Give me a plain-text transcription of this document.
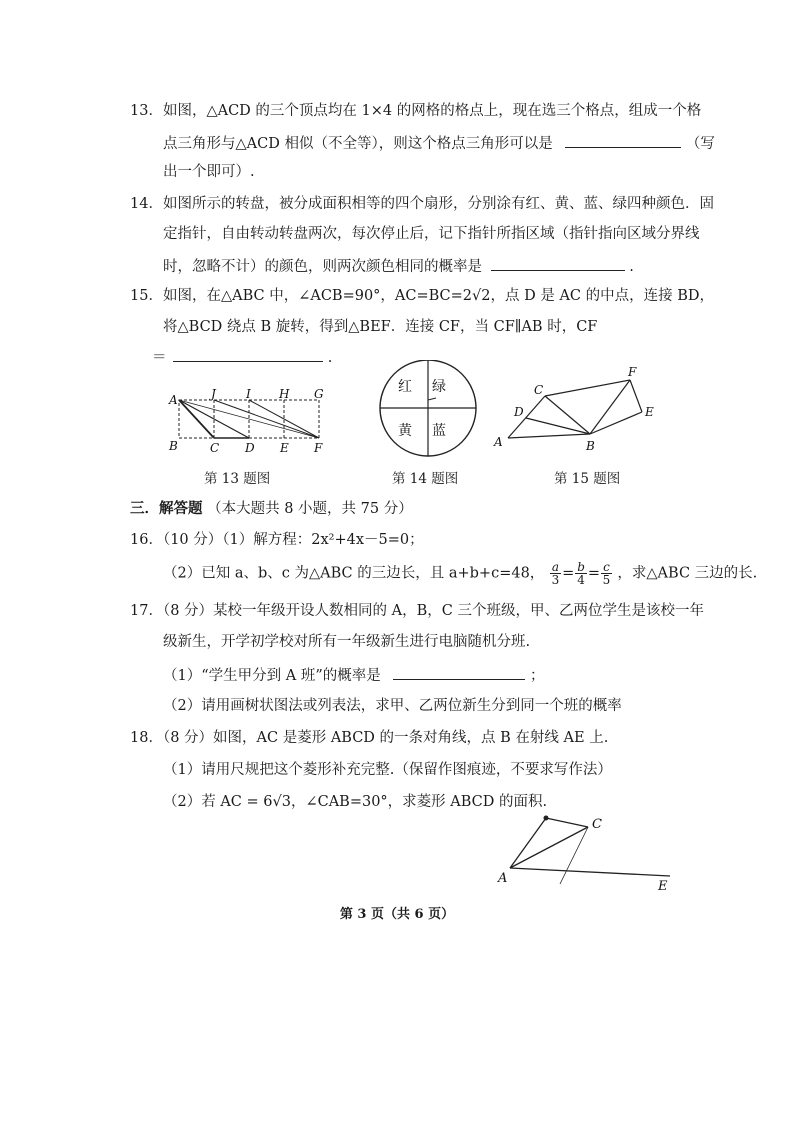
13．如图，△ACD 的三个顶点均在 1×4 的网格的格点上，现在选三个格点，组成一个格
点三角形与△ACD 相似（不全等），则这个格点三角形可以是	（写
出一个即可）.
14．如图所示的转盘，被分成面积相等的四个扇形，分别涂有红、黄、蓝、绿四种颜色．固
定指针，自由转动转盘两次，每次停止后，记下指针所指区域（指针指向区域分界线
时，忽略不计）的颜色，则两次颜色相同的概率是	.
15．如图，在△ABC 中，∠ACB=90°，AC=BC=2√2，点 D 是 AC 的中点，连接 BD，
将△BCD 绕点 B 旋转，得到△BEF．连接 CF，当 CF∥AB 时，CF
＝	.
A	J	I H G
B	C D E F
第 13 题图
红 绿
黄 蓝
第 14 题图
A	B
C
D	E
F
第 15 题图
三．解答题 （本大题共 8 小题，共 75 分）
16．（10 分）（1）解方程：2x²+4x－5=0；
（2）已知 a、b、c 为△ABC 的三边长，且 a+b+c=48， $\frac{a}{3} = \frac{b}{4} = \frac{c}{5}$ ，求△ABC 三边的长.
17．（8 分）某校一年级开设人数相同的 A，B，C 三个班级，甲、乙两位学生是该校一年
级新生，开学初学校对所有一年级新生进行电脑随机分班.
（1）“学生甲分到 A 班”的概率是	；
（2）请用画树状图法或列表法，求甲、乙两位新生分到同一个班的概率
18．（8 分）如图，AC 是菱形 ABCD 的一条对角线，点 B 在射线 AE 上.
（1）请用尺规把这个菱形补充完整.（保留作图痕迹，不要求写作法）
（2）若 AC = 6√3，∠CAB=30°，求菱形 ABCD 的面积.
A
C
E
第 3 页（共 6 页）
